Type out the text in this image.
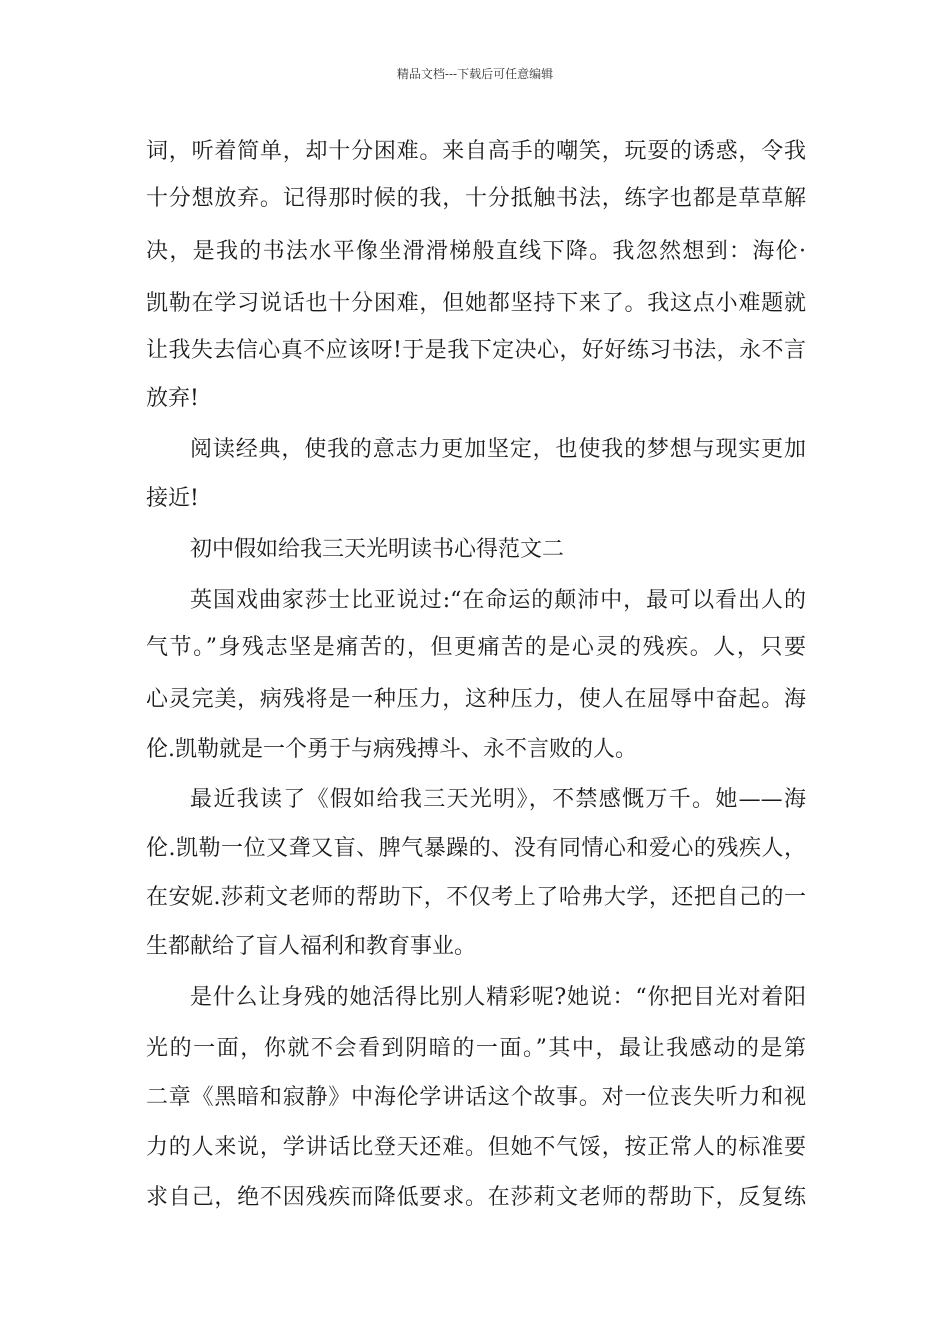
精品文档---下载后可任意编辑
词，听着简单，却十分困难。来自高手的嘲笑，玩耍的诱惑，令我
十分想放弃。记得那时候的我，十分抵触书法，练字也都是草草解
决，是我的书法水平像坐滑滑梯般直线下降。我忽然想到：海伦·
凯勒在学习说话也十分困难，但她都坚持下来了。我这点小难题就
让我失去信心真不应该呀!于是我下定决心，好好练习书法，永不言
放弃!
阅读经典，使我的意志力更加坚定，也使我的梦想与现实更加
接近!
初中假如给我三天光明读书心得范文二
英国戏曲家莎士比亚说过:“在命运的颠沛中，最可以看出人的
气节。”身残志坚是痛苦的，但更痛苦的是心灵的残疾。人，只要
心灵完美，病残将是一种压力，这种压力，使人在屈辱中奋起。海
伦.凯勒就是一个勇于与病残搏斗、永不言败的人。
最近我读了《假如给我三天光明》，不禁感慨万千。她——海
伦.凯勒一位又聋又盲、脾气暴躁的、没有同情心和爱心的残疾人，
在安妮.莎莉文老师的帮助下，不仅考上了哈弗大学，还把自己的一
生都献给了盲人福利和教育事业。
是什么让身残的她活得比别人精彩呢?她说：“你把目光对着阳
光的一面，你就不会看到阴暗的一面。”其中，最让我感动的是第
二章《黑暗和寂静》中海伦学讲话这个故事。对一位丧失听力和视
力的人来说，学讲话比登天还难。但她不气馁，按正常人的标准要
求自己，绝不因残疾而降低要求。在莎莉文老师的帮助下，反复练
